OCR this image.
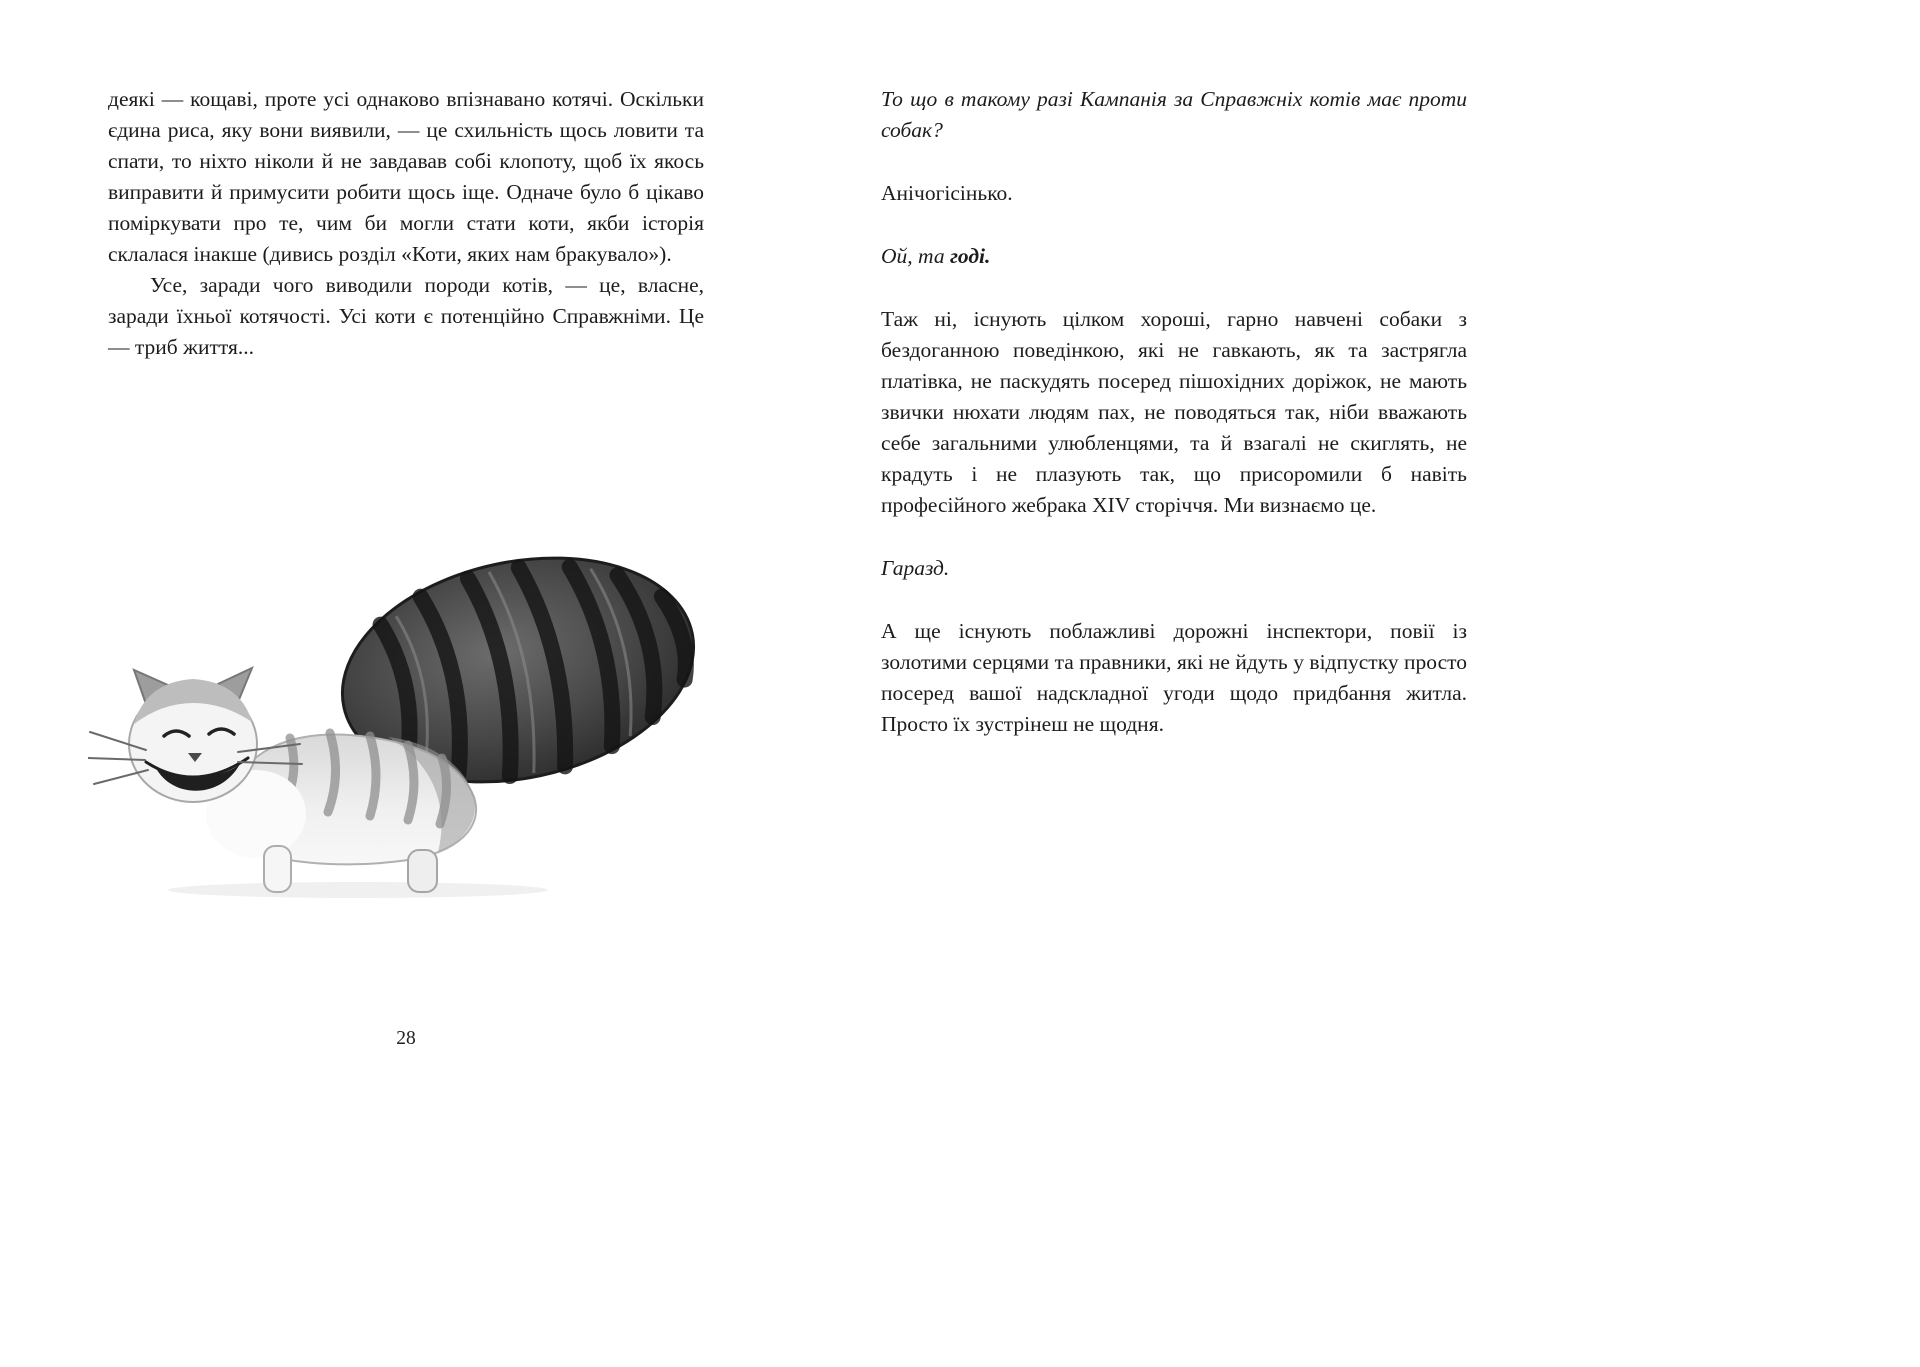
деякі — кощаві, проте усі однаково впізнавано котячі. Оскільки єдина риса, яку вони виявили, — це схильність щось ловити та спати, то ніхто ніколи й не завдавав собі клопоту, щоб їх якось виправити й примусити робити щось іще. Одначе було б цікаво поміркувати про те, чим би могли стати коти, якби історія склалася інакше (дивись розділ «Коти, яких нам бракувало»).

Усе, заради чого виводили породи котів, — це, власне, заради їхньої котячості. Усі коти є потенційно Справжніми. Це — триб життя...

28

То що в такому разі Кампанія за Справжніх котів має проти собак?

Анічогісінько.

Ой, та годі.

Таж ні, існують цілком хороші, гарно навчені собаки з бездоганною поведінкою, які не гавкають, як та застрягла платівка, не паскудять посеред пішохідних доріжок, не мають звички нюхати людям пах, не поводяться так, ніби вважають себе загальними улюбленцями, та й взагалі не скиглять, не крадуть і не плазують так, що присоромили б навіть професійного жебрака XIV сторіччя. Ми визнаємо це.

Гаразд.

А ще існують поблажливі дорожні інспектори, повії із золотими серцями та правники, які не йдуть у відпустку просто посеред вашої надскладної угоди щодо придбання житла. Просто їх зустрінеш не щодня.
